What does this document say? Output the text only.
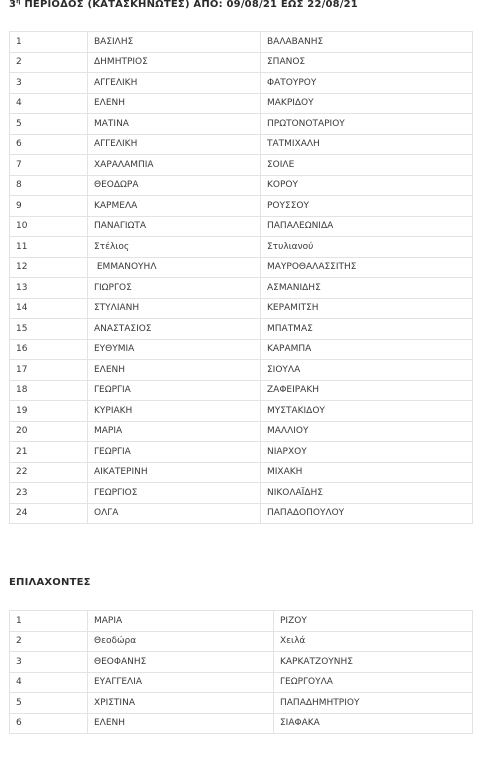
$3^\eta$ ΠΕΡΙΟΔΟΣ (ΚΑΤΑΣΚΗΝΩΤΕΣ) ΑΠΟ: 09/08/21 ΕΩΣ 22/08/21
1	ΒΑΣΙΛΗΣ	ΒΑΛΑΒΑΝΗΣ
2	ΔΗΜΗΤΡΙΟΣ	ΣΠΑΝΟΣ
3	ΑΓΓΕΛΙΚΗ	ΦΑΤΟΥΡΟΥ
4	ΕΛΕΝΗ	ΜΑΚΡΙΔΟΥ
5	ΜΑΤΙΝΑ	ΠΡΩΤΟΝΟΤΑΡΙΟΥ
6	ΑΓΓΕΛΙΚΗ	ΤΑΤΜΙΧΑΛΗ
7	ΧΑΡΑΛΑΜΠΙΑ	ΣΟΙΛΕ
8	ΘΕΟΔΩΡΑ	ΚΟΡΟΥ
9	ΚΑΡΜΕΛΑ	ΡΟΥΣΣΟΥ
10	ΠΑΝΑΓΙΩΤΑ	ΠΑΠΑΛΕΩΝΙΔΑ
11	Στέλιος	Στυλιανού
12	ΕΜΜΑΝΟΥΗΛ	ΜΑΥΡΟΘΑΛΑΣΣΙΤΗΣ
13	ΓΙΩΡΓΟΣ	ΑΣΜΑΝΙΔΗΣ
14	ΣΤΥΛΙΑΝΗ	ΚΕΡΑΜΙΤΣΗ
15	ΑΝΑΣΤΑΣΙΟΣ	ΜΠΑΤΜΑΣ
16	ΕΥΘΥΜΙΑ	ΚΑΡΑΜΠΑ
17	ΕΛΕΝΗ	ΣΙΟΥΛΑ
18	ΓΕΩΡΓΙΑ	ΖΑΦΕΙΡΑΚΗ
19	ΚΥΡΙΑΚΗ	ΜΥΣΤΑΚΙΔΟΥ
20	ΜΑΡΙΑ	ΜΑΛΛΙΟΥ
21	ΓΕΩΡΓΙΑ	ΝΙΑΡΧΟΥ
22	ΑΙΚΑΤΕΡΙΝΗ	ΜΙΧΑΚΗ
23	ΓΕΩΡΓΙΟΣ	ΝΙΚΟΛΑΪΔΗΣ
24	ΟΛΓΑ	ΠΑΠΑΔΟΠΟΥΛΟΥ
ΕΠΙΛΑΧΟΝΤΕΣ
1	ΜΑΡΙΑ	ΡΙΖΟΥ
2	Θεοδώρα	Χειλά
3	ΘΕΟΦΑΝΗΣ	ΚΑΡΚΑΤΖΟΥΝΗΣ
4	ΕΥΑΓΓΕΛΙΑ	ΓΕΩΡΓΟΥΛΑ
5	ΧΡΙΣΤΙΝΑ	ΠΑΠΑΔΗΜΗΤΡΙΟΥ
6	ΕΛΕΝΗ	ΣΙΑΦΑΚΑ
